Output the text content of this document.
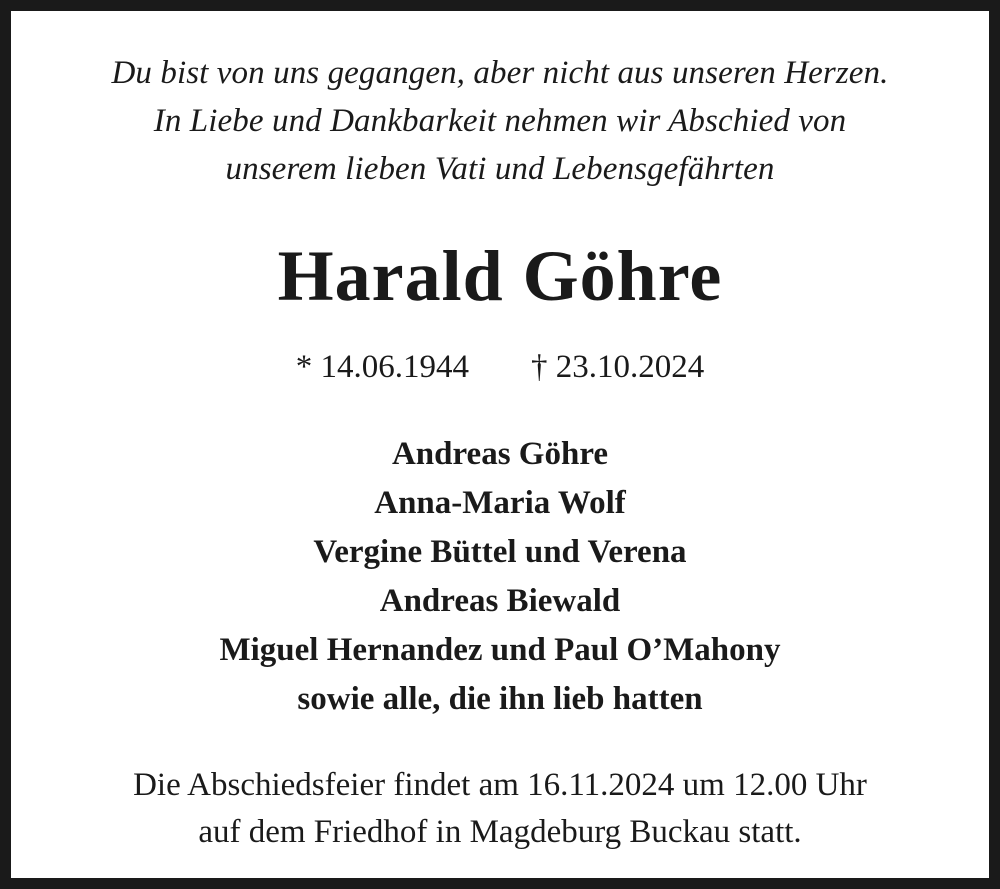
Du bist von uns gegangen, aber nicht aus unseren Herzen.
In Liebe und Dankbarkeit nehmen wir Abschied von
unserem lieben Vati und Lebensgefährten
Harald Göhre
* 14.06.1944 † 23.10.2024
Andreas Göhre
Anna-Maria Wolf
Vergine Büttel und Verena
Andreas Biewald
Miguel Hernandez und Paul O’Mahony
sowie alle, die ihn lieb hatten
Die Abschiedsfeier findet am 16.11.2024 um 12.00 Uhr
auf dem Friedhof in Magdeburg Buckau statt.
